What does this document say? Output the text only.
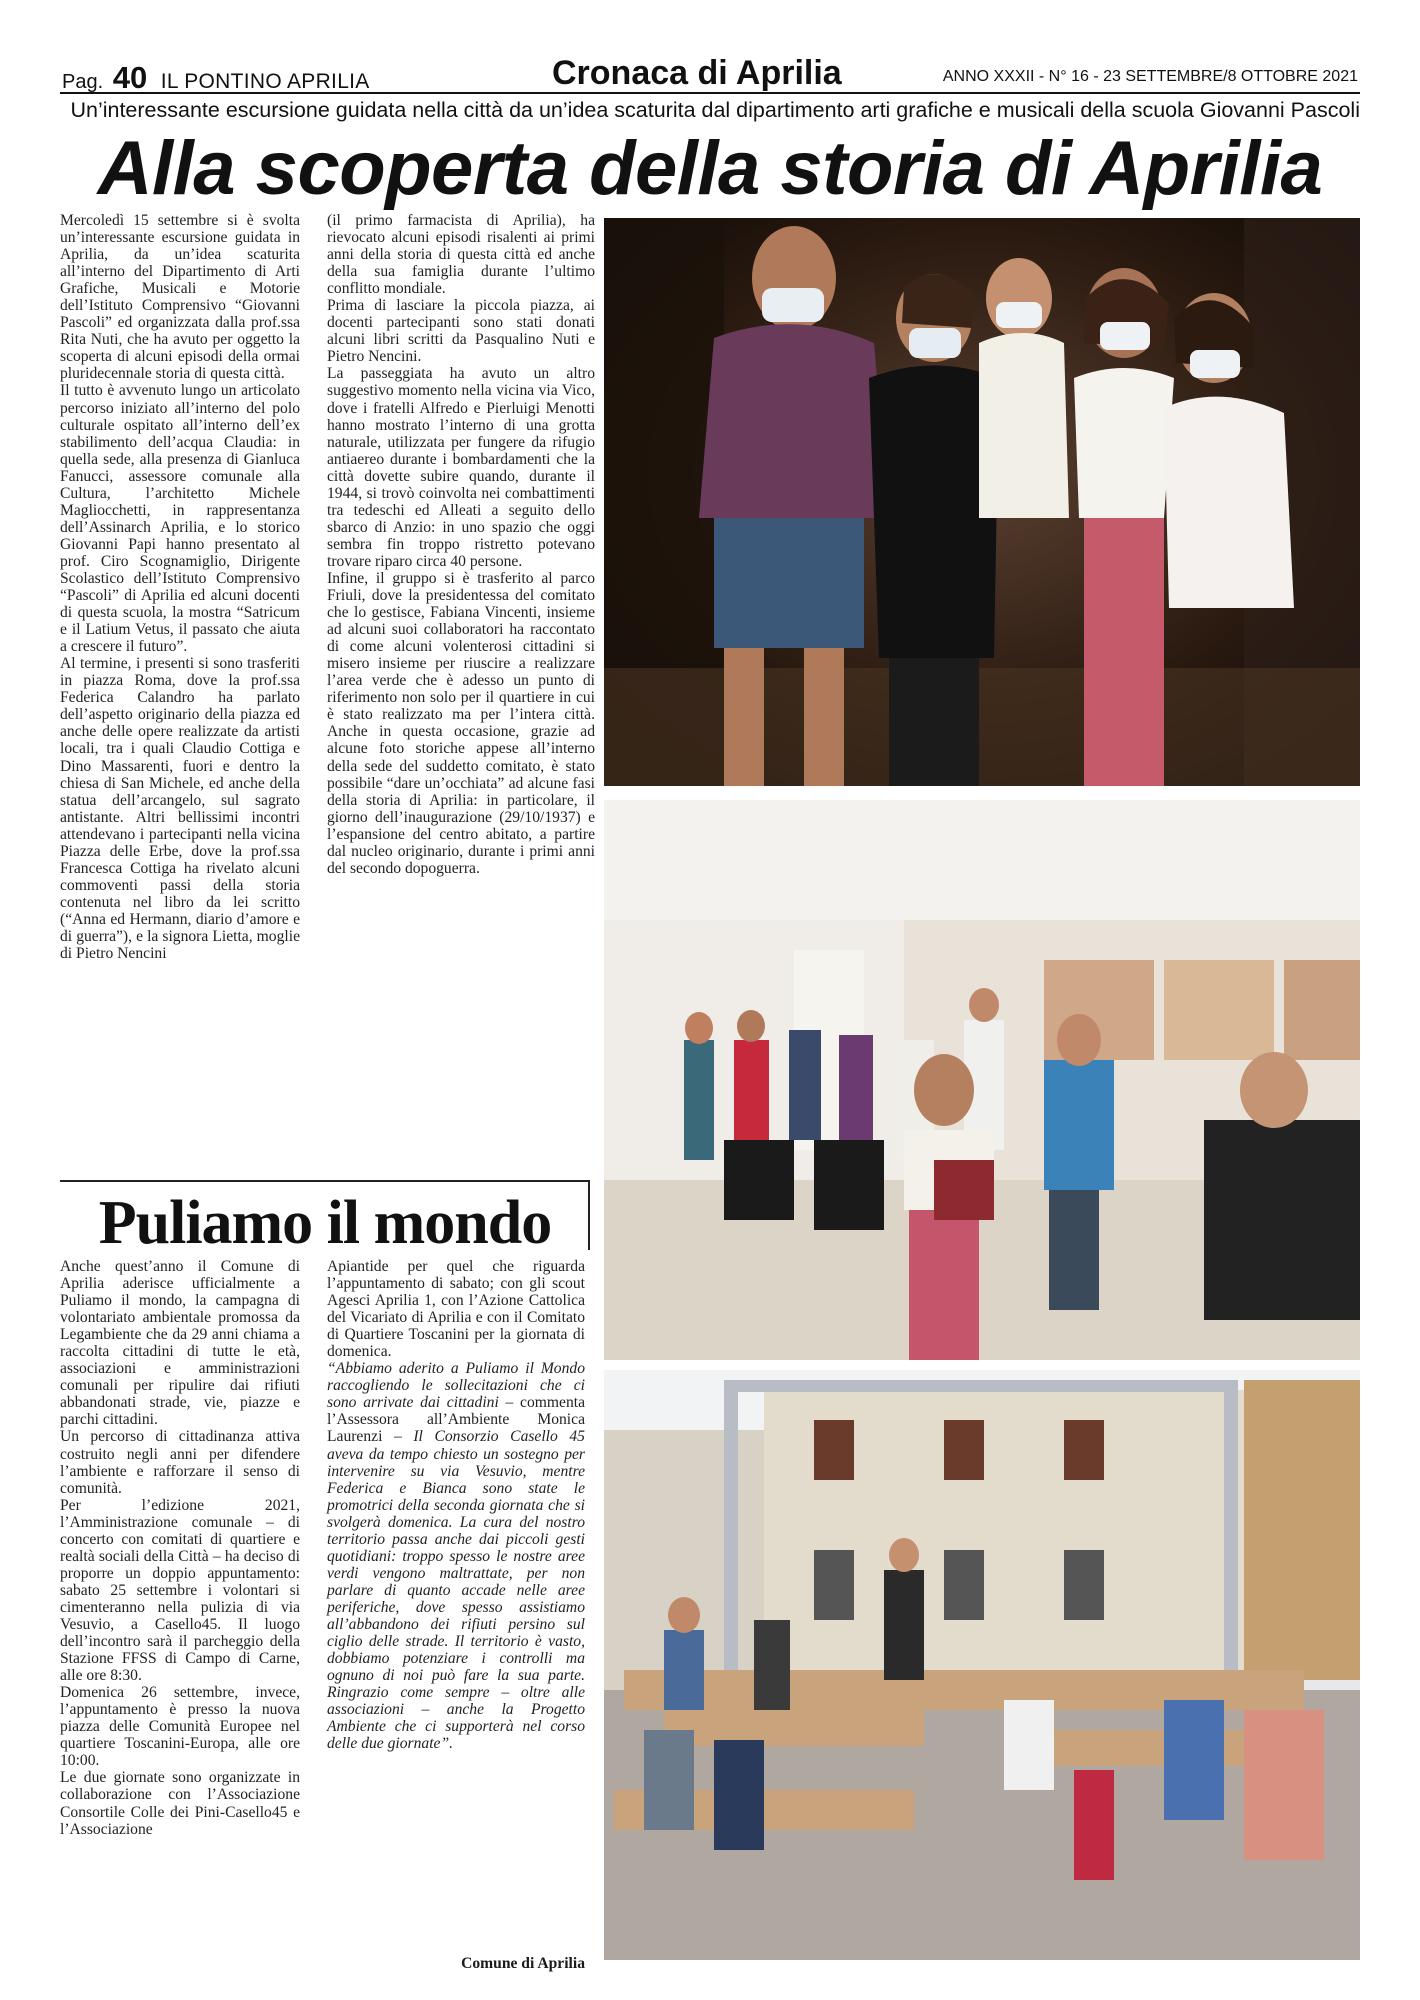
Pag. 40 IL PONTINO APRILIA	Cronaca di Aprilia	ANNO XXXII - N° 16 - 23 SETTEMBRE/8 OTTOBRE 2021
Un’interessante escursione guidata nella città da un’idea scaturita dal dipartimento arti grafiche e musicali della scuola Giovanni Pascoli
Alla scoperta della storia di Aprilia

Mercoledì 15 settembre si è svolta un’interessante escursione guidata in Aprilia, da un’idea scaturita all’interno del Dipartimento di Arti Grafiche, Musicali e Motorie dell’Istituto Comprensivo “Giovanni Pascoli” ed organizzata dalla prof.ssa Rita Nuti, che ha avuto per oggetto la scoperta di alcuni episodi della ormai pluridecennale storia di questa città.

Il tutto è avvenuto lungo un articolato percorso iniziato all’interno del polo culturale ospitato all’interno dell’ex stabilimento dell’acqua Claudia: in quella sede, alla presenza di Gianluca Fanucci, assessore comunale alla Cultura, l’architetto Michele Magliocchetti, in rappresentanza dell’Assinarch Aprilia, e lo storico Giovanni Papi hanno presentato al prof. Ciro Scognamiglio, Dirigente Scolastico dell’Istituto Comprensivo “Pascoli” di Aprilia ed alcuni docenti di questa scuola, la mostra “Satricum e il Latium Vetus, il passato che aiuta a crescere il futuro”.

Al termine, i presenti si sono trasferiti in piazza Roma, dove la prof.ssa Federica Calandro ha parlato dell’aspetto originario della piazza ed anche delle opere realizzate da artisti locali, tra i quali Claudio Cottiga e Dino Massarenti, fuori e dentro la chiesa di San Michele, ed anche della statua dell’arcangelo, sul sagrato antistante. Altri bellissimi incontri attendevano i partecipanti nella vicina Piazza delle Erbe, dove la prof.ssa Francesca Cottiga ha rivelato alcuni commoventi passi della storia contenuta nel libro da lei scritto (“Anna ed Hermann, diario d’amore e di guerra”), e la signora Lietta, moglie di Pietro Nencini

(il primo farmacista di Aprilia), ha rievocato alcuni episodi risalenti ai primi anni della storia di questa città ed anche della sua famiglia durante l’ultimo conflitto mondiale.

Prima di lasciare la piccola piazza, ai docenti partecipanti sono stati donati alcuni libri scritti da Pasqualino Nuti e Pietro Nencini.

La passeggiata ha avuto un altro suggestivo momento nella vicina via Vico, dove i fratelli Alfredo e Pierluigi Menotti hanno mostrato l’interno di una grotta naturale, utilizzata per fungere da rifugio antiaereo durante i bombardamenti che la città dovette subire quando, durante il 1944, si trovò coinvolta nei combattimenti tra tedeschi ed Alleati a seguito dello sbarco di Anzio: in uno spazio che oggi sembra fin troppo ristretto potevano trovare riparo circa 40 persone.

Infine, il gruppo si è trasferito al parco Friuli, dove la presidentessa del comitato che lo gestisce, Fabiana Vincenti, insieme ad alcuni suoi collaboratori ha raccontato di come alcuni volenterosi cittadini si misero insieme per riuscire a realizzare l’area verde che è adesso un punto di riferimento non solo per il quartiere in cui è stato realizzato ma per l’intera città. Anche in questa occasione, grazie ad alcune foto storiche appese all’interno della sede del suddetto comitato, è stato possibile “dare un’occhiata” ad alcune fasi della storia di Aprilia: in particolare, il giorno dell’inaugurazione (29/10/1937) e l’espansione del centro abitato, a partire dal nucleo originario, durante i primi anni del secondo dopoguerra.

Puliamo il mondo

Anche quest’anno il Comune di Aprilia aderisce ufficialmente a Puliamo il mondo, la campagna di volontariato ambientale promossa da Legambiente che da 29 anni chiama a raccolta cittadini di tutte le età, associazioni e amministrazioni comunali per ripulire dai rifiuti abbandonati strade, vie, piazze e parchi cittadini.

Un percorso di cittadinanza attiva costruito negli anni per difendere l’ambiente e rafforzare il senso di comunità.

Per l’edizione 2021, l’Amministrazione comunale – di concerto con comitati di quartiere e realtà sociali della Città – ha deciso di proporre un doppio appuntamento: sabato 25 settembre i volontari si cimenteranno nella pulizia di via Vesuvio, a Casello45. Il luogo dell’incontro sarà il parcheggio della Stazione FFSS di Campo di Carne, alle ore 8:30.

Domenica 26 settembre, invece, l’appuntamento è presso la nuova piazza delle Comunità Europee nel quartiere Toscanini-Europa, alle ore 10:00.

Le due giornate sono organizzate in collaborazione con l’Associazione Consortile Colle dei Pini-Casello45 e l’Associazione

Apiantide per quel che riguarda l’appuntamento di sabato; con gli scout Agesci Aprilia 1, con l’Azione Cattolica del Vicariato di Aprilia e con il Comitato di Quartiere Toscanini per la giornata di domenica.

“Abbiamo aderito a Puliamo il Mondo raccogliendo le sollecitazioni che ci sono arrivate dai cittadini – commenta l’Assessora all’Ambiente Monica Laurenzi – Il Consorzio Casello 45 aveva da tempo chiesto un sostegno per intervenire su via Vesuvio, mentre Federica e Bianca sono state le promotrici della seconda giornata che si svolgerà domenica. La cura del nostro territorio passa anche dai piccoli gesti quotidiani: troppo spesso le nostre aree verdi vengono maltrattate, per non parlare di quanto accade nelle aree periferiche, dove spesso assistiamo all’abbandono dei rifiuti persino sul ciglio delle strade. Il territorio è vasto, dobbiamo potenziare i controlli ma ognuno di noi può fare la sua parte. Ringrazio come sempre – oltre alle associazioni – anche la Progetto Ambiente che ci supporterà nel corso delle due giornate”.

Comune di Aprilia
